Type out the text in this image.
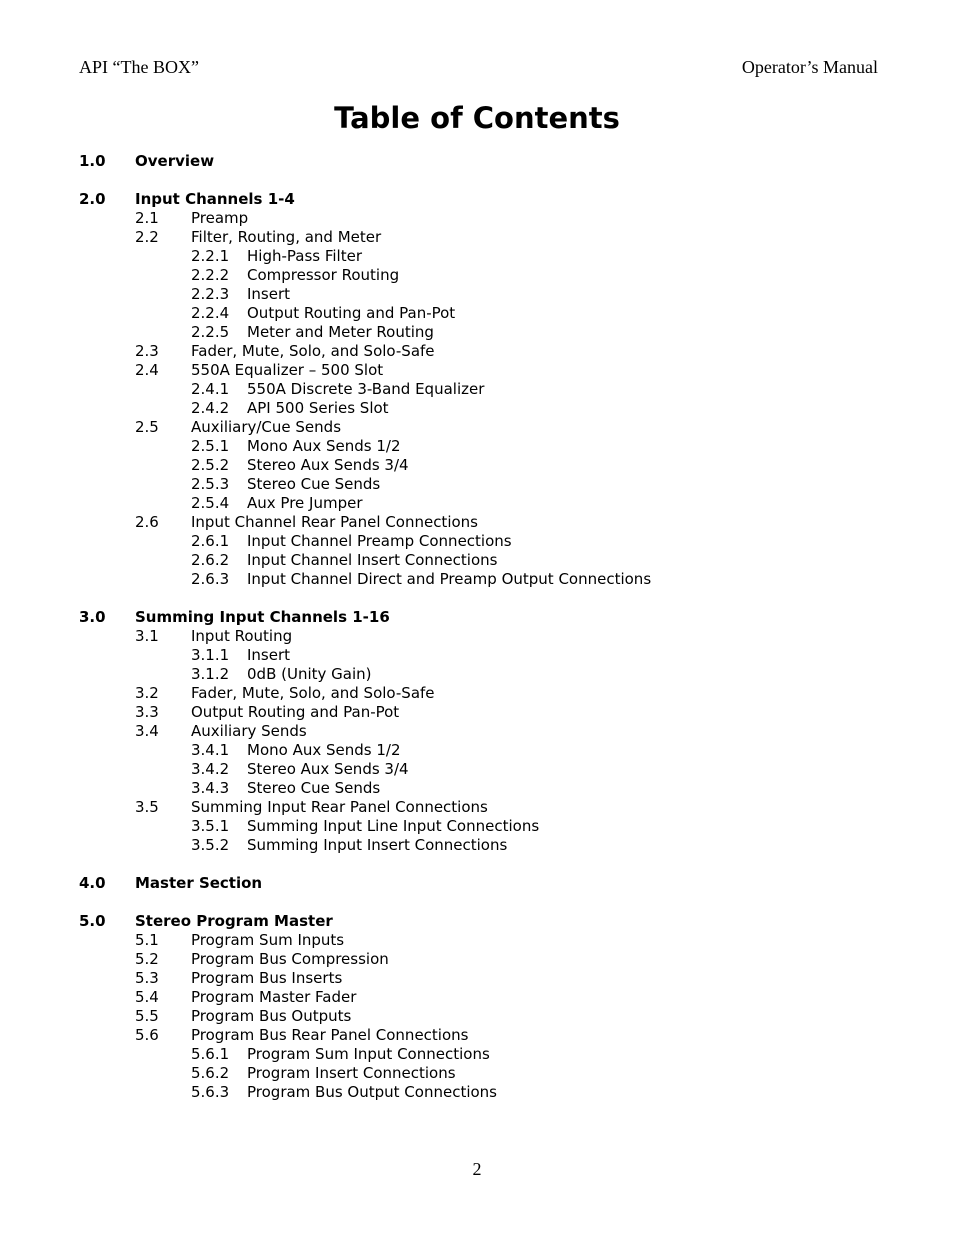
API “The BOX”	Operator’s Manual
Table of Contents
1.0 Overview
2.0 Input Channels 1-4
2.1 Preamp
2.2 Filter, Routing, and Meter
2.2.1 High-Pass Filter
2.2.2 Compressor Routing
2.2.3 Insert
2.2.4 Output Routing and Pan-Pot
2.2.5 Meter and Meter Routing
2.3 Fader, Mute, Solo, and Solo-Safe
2.4 550A Equalizer – 500 Slot
2.4.1 550A Discrete 3-Band Equalizer
2.4.2 API 500 Series Slot
2.5 Auxiliary/Cue Sends
2.5.1 Mono Aux Sends 1/2
2.5.2 Stereo Aux Sends 3/4
2.5.3 Stereo Cue Sends
2.5.4 Aux Pre Jumper
2.6 Input Channel Rear Panel Connections
2.6.1 Input Channel Preamp Connections
2.6.2 Input Channel Insert Connections
2.6.3 Input Channel Direct and Preamp Output Connections
3.0 Summing Input Channels 1-16
3.1 Input Routing
3.1.1 Insert
3.1.2 0dB (Unity Gain)
3.2 Fader, Mute, Solo, and Solo-Safe
3.3 Output Routing and Pan-Pot
3.4 Auxiliary Sends
3.4.1 Mono Aux Sends 1/2
3.4.2 Stereo Aux Sends 3/4
3.4.3 Stereo Cue Sends
3.5 Summing Input Rear Panel Connections
3.5.1 Summing Input Line Input Connections
3.5.2 Summing Input Insert Connections
4.0 Master Section
5.0 Stereo Program Master
5.1 Program Sum Inputs
5.2 Program Bus Compression
5.3 Program Bus Inserts
5.4 Program Master Fader
5.5 Program Bus Outputs
5.6 Program Bus Rear Panel Connections
5.6.1 Program Sum Input Connections
5.6.2 Program Insert Connections
5.6.3 Program Bus Output Connections
2
